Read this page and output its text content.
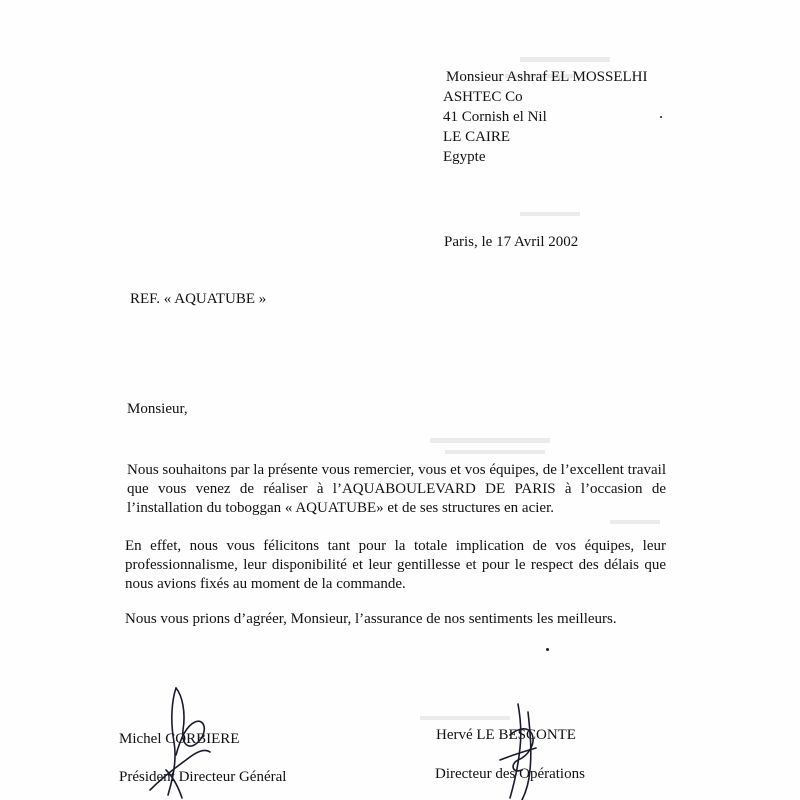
Monsieur Ashraf EL MOSSELHI
ASHTEC Co
41 Cornish el Nil
LE CAIRE
Egypte
Paris, le 17 Avril 2002
REF. « AQUATUBE »
Monsieur,
Nous souhaitons par la présente vous remercier, vous et vos équipes, de l’excellent travail que vous venez de réaliser à l’AQUABOULEVARD DE PARIS à l’occasion de l’installation du toboggan « AQUATUBE» et de ses structures en acier.
En effet, nous vous félicitons tant pour la totale implication de vos équipes, leur professionnalisme, leur disponibilité et leur gentillesse et pour le respect des délais que nous avions fixés au moment de la commande.
Nous vous prions d’agréer, Monsieur, l’assurance de nos sentiments les meilleurs.
Michel CORBIERE
Président Directeur Général
Hervé LE BESCONTE
Directeur des Opérations
